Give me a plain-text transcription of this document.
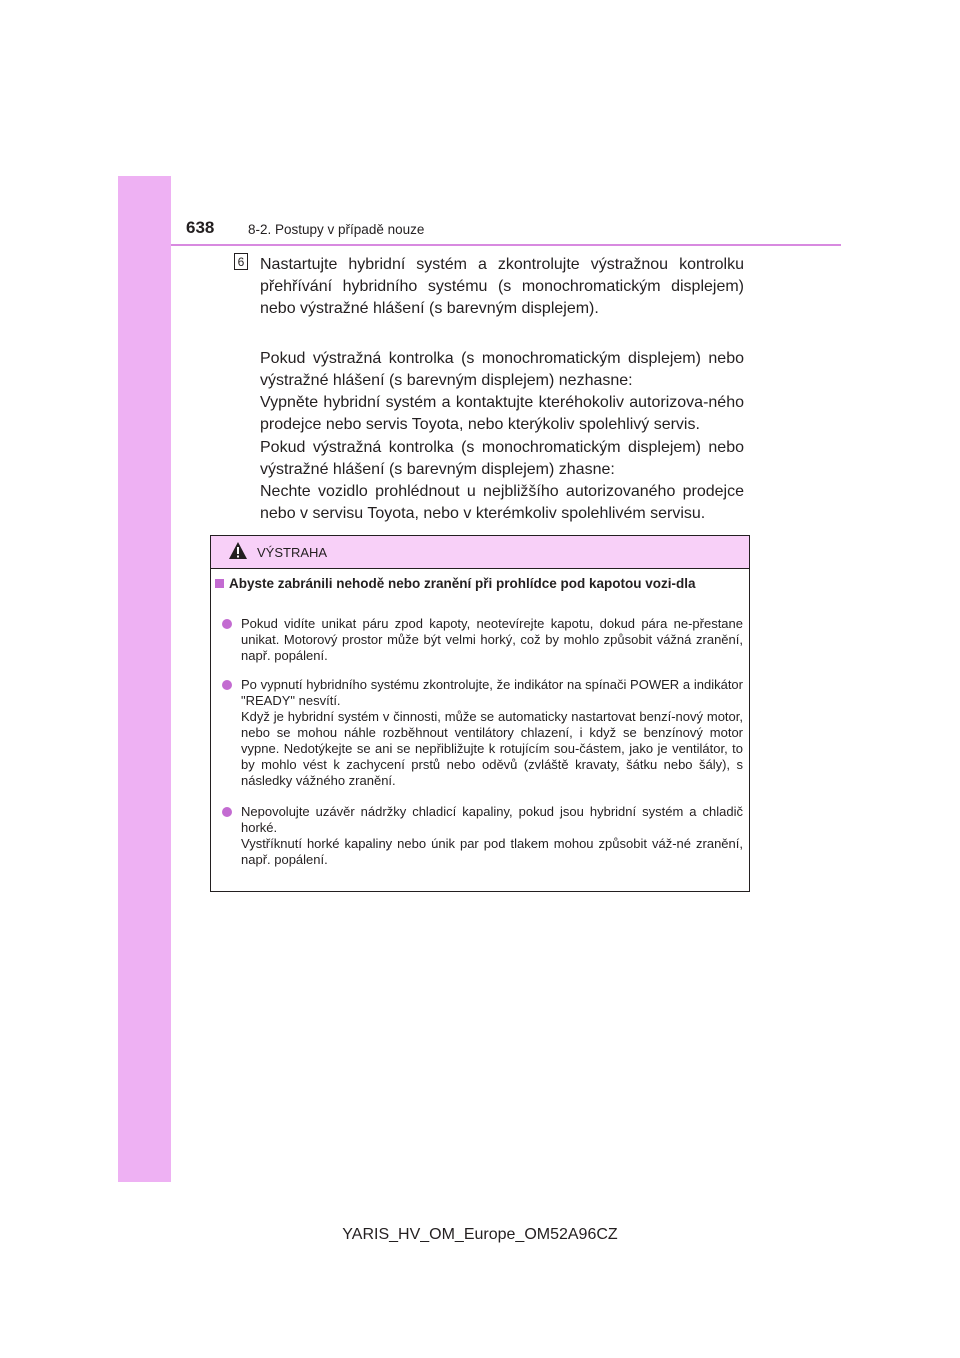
638 8-2. Postupy v případě nouze
6 Nastartujte hybridní systém a zkontrolujte výstražnou kontrolku přehřívání hybridního systému (s monochromatickým displejem) nebo výstražné hlášení (s barevným displejem).
Pokud výstražná kontrolka (s monochromatickým displejem) nebo výstražné hlášení (s barevným displejem) nezhasne:
Vypněte hybridní systém a kontaktujte kteréhokoliv autorizova-ného prodejce nebo servis Toyota, nebo kterýkoliv spolehlivý servis.
Pokud výstražná kontrolka (s monochromatickým displejem) nebo výstražné hlášení (s barevným displejem) zhasne:
Nechte vozidlo prohlédnout u nejbližšího autorizovaného prodejce nebo v servisu Toyota, nebo v kterémkoliv spolehlivém servisu.
VÝSTRAHA
Abyste zabránili nehodě nebo zranění při prohlídce pod kapotou vozi-dla
Pokud vidíte unikat páru zpod kapoty, neotevírejte kapotu, dokud pára ne-přestane unikat. Motorový prostor může být velmi horký, což by mohlo způsobit vážná zranění, např. popálení.
Po vypnutí hybridního systému zkontrolujte, že indikátor na spínači POWER a indikátor "READY" nesvítí.
Když je hybridní systém v činnosti, může se automaticky nastartovat benzí-nový motor, nebo se mohou náhle rozběhnout ventilátory chlazení, i když se benzínový motor vypne. Nedotýkejte se ani se nepřibližujte k rotujícím sou-částem, jako je ventilátor, to by mohlo vést k zachycení prstů nebo oděvů (zvláště kravaty, šátku nebo šály), s následky vážného zranění.
Nepovolujte uzávěr nádržky chladicí kapaliny, pokud jsou hybridní systém a chladič horké.
Vystříknutí horké kapaliny nebo únik par pod tlakem mohou způsobit váž-né zranění, např. popálení.
YARIS_HV_OM_Europe_OM52A96CZ
